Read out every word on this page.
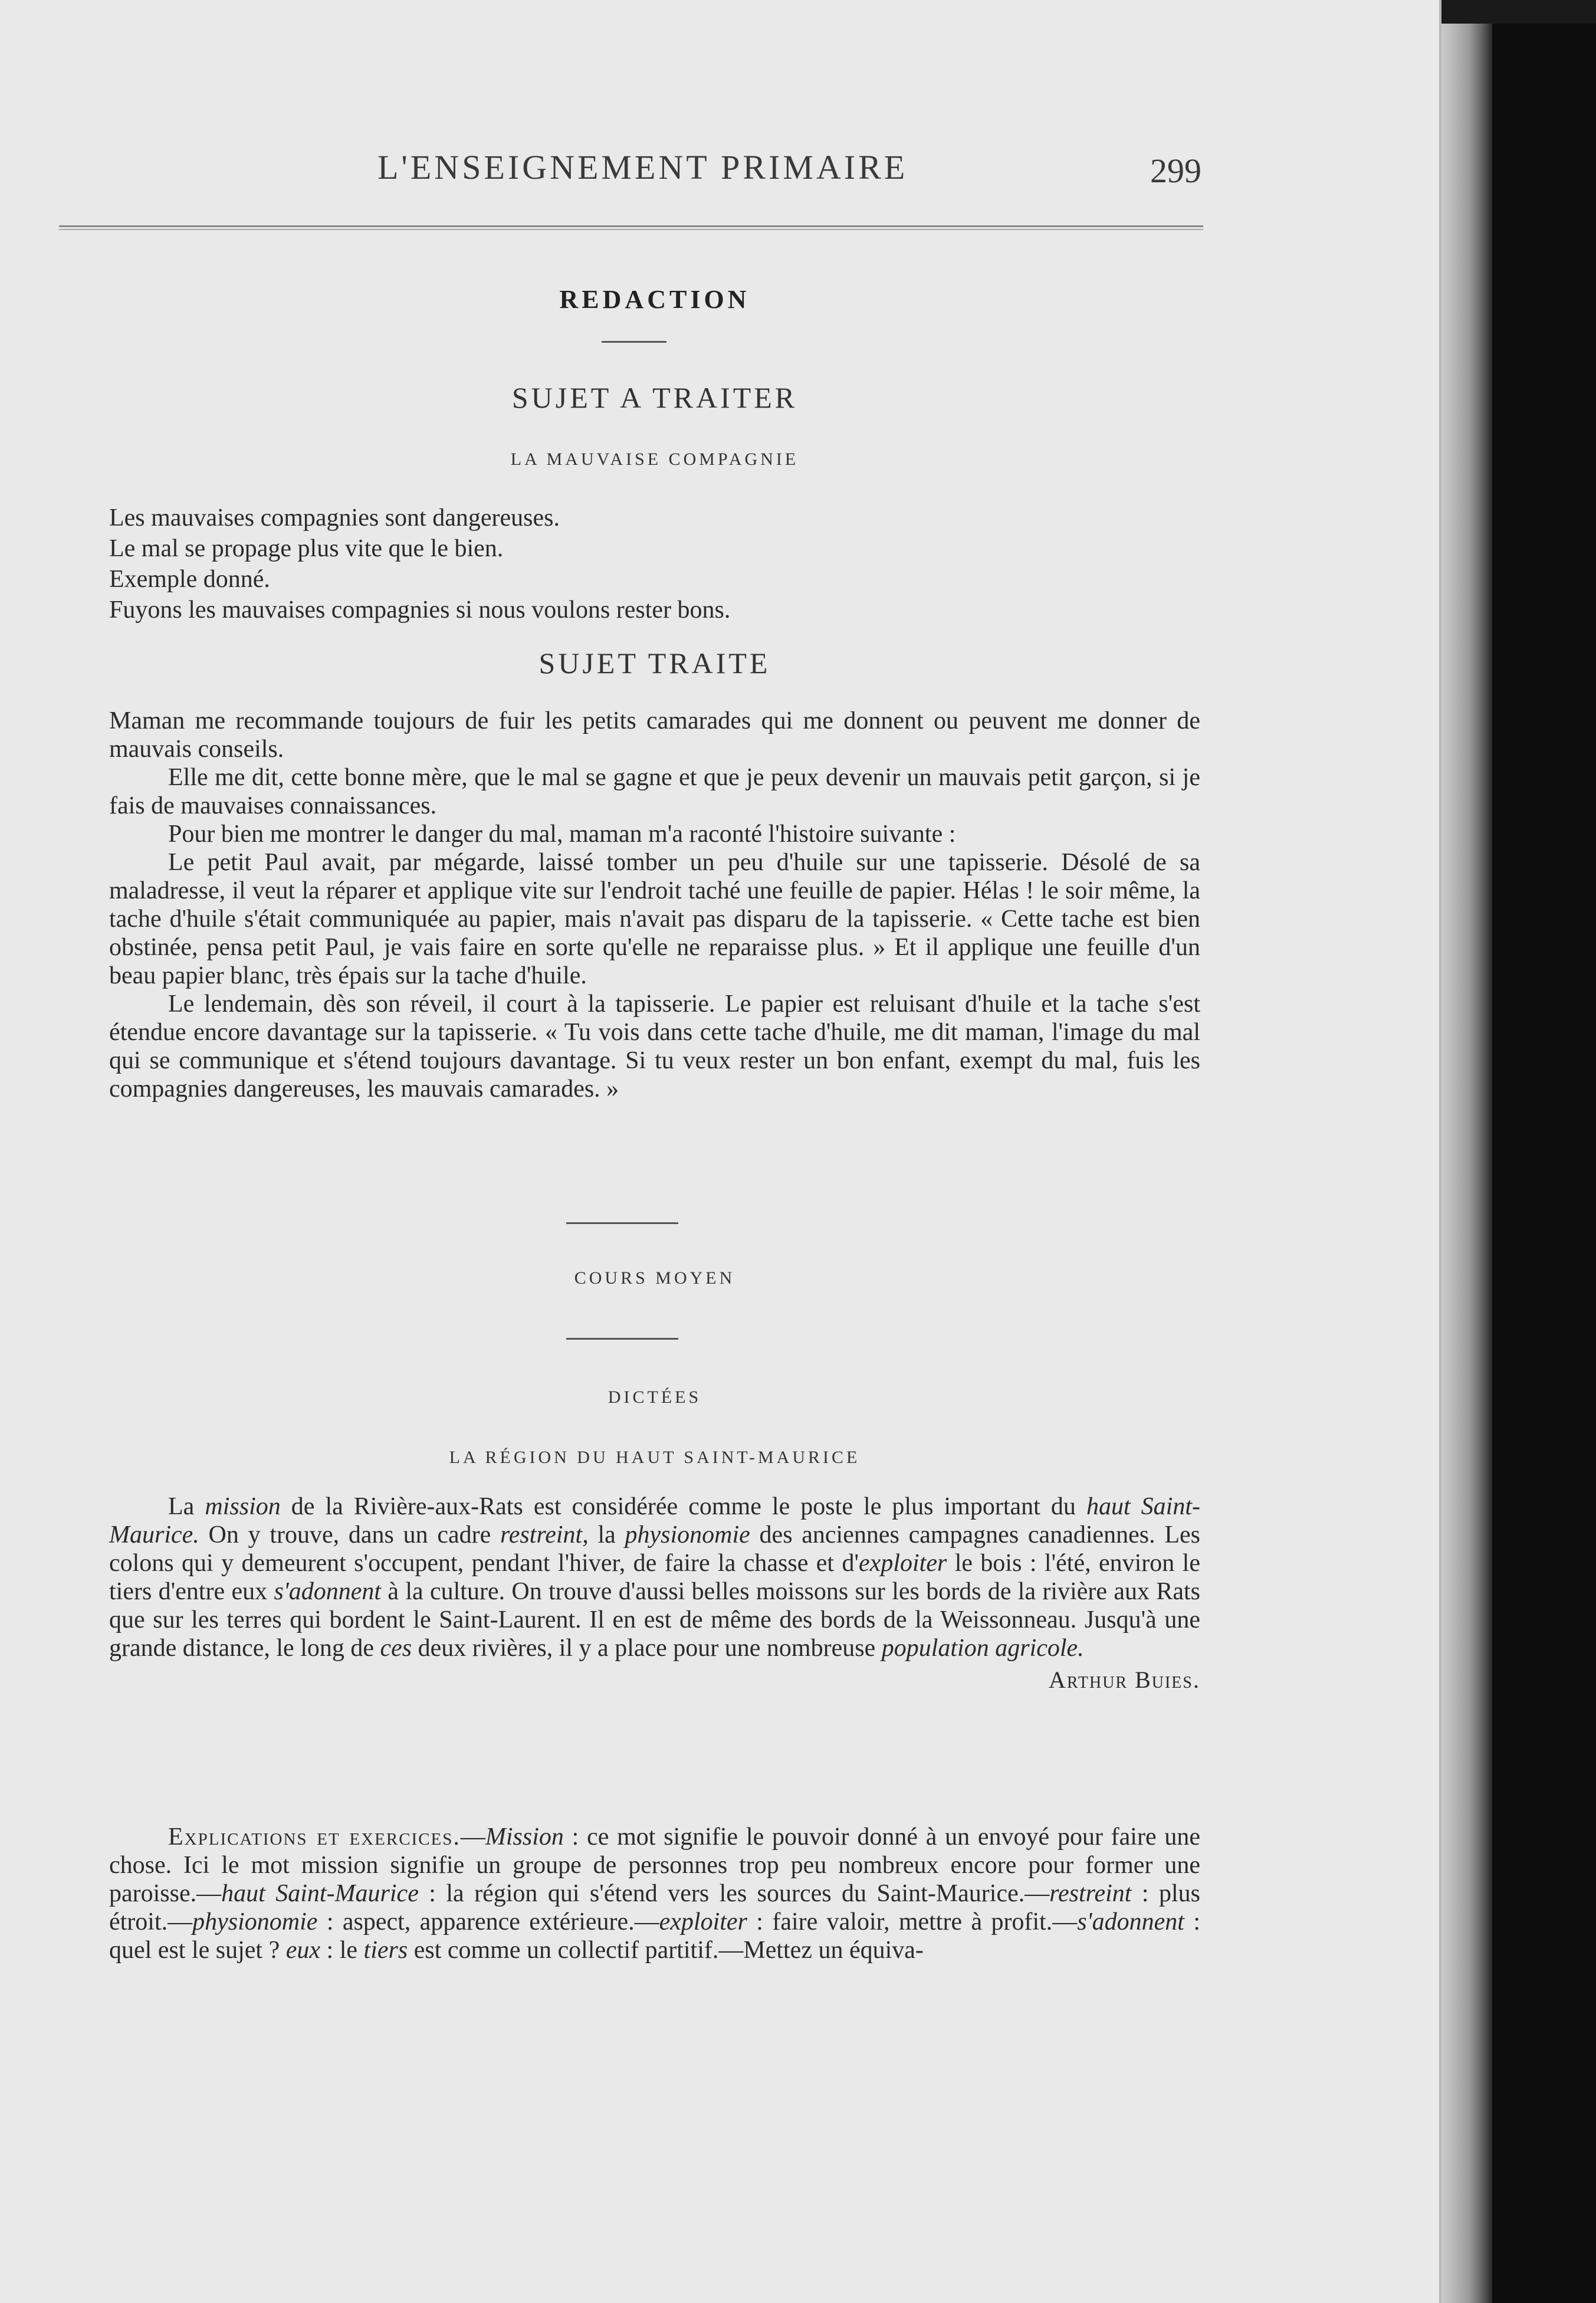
L'ENSEIGNEMENT PRIMAIRE	299
REDACTION
SUJET A TRAITER
LA MAUVAISE COMPAGNIE

Les mauvaises compagnies sont dangereuses.

Le mal se propage plus vite que le bien.

Exemple donné.

Fuyons les mauvaises compagnies si nous voulons rester bons.

SUJET TRAITE

Maman me recommande toujours de fuir les petits camarades qui me donnent ou peuvent me donner de mauvais conseils.

Elle me dit, cette bonne mère, que le mal se gagne et que je peux devenir un mauvais petit garçon, si je fais de mauvaises connaissances.

Pour bien me montrer le danger du mal, maman m'a raconté l'histoire suivante :

Le petit Paul avait, par mégarde, laissé tomber un peu d'huile sur une tapisserie. Désolé de sa maladresse, il veut la réparer et applique vite sur l'endroit taché une feuille de papier. Hélas ! le soir même, la tache d'huile s'était communiquée au papier, mais n'avait pas disparu de la tapisserie. « Cette tache est bien obstinée, pensa petit Paul, je vais faire en sorte qu'elle ne reparaisse plus. » Et il applique une feuille d'un beau papier blanc, très épais sur la tache d'huile.

Le lendemain, dès son réveil, il court à la tapisserie. Le papier est reluisant d'huile et la tache s'est étendue encore davantage sur la tapisserie. « Tu vois dans cette tache d'huile, me dit maman, l'image du mal qui se communique et s'étend toujours davantage. Si tu veux rester un bon enfant, exempt du mal, fuis les compagnies dangereuses, les mauvais camarades. »

COURS MOYEN
DICTÉES
LA RÉGION DU HAUT SAINT-MAURICE

La mission de la Rivière-aux-Rats est considérée comme le poste le plus important du haut Saint-Maurice. On y trouve, dans un cadre restreint, la physionomie des anciennes campagnes canadiennes. Les colons qui y demeurent s'occupent, pendant l'hiver, de faire la chasse et d'exploiter le bois : l'été, environ le tiers d'entre eux s'adonnent à la culture. On trouve d'aussi belles moissons sur les bords de la rivière aux Rats que sur les terres qui bordent le Saint-Laurent. Il en est de même des bords de la Weissonneau. Jusqu'à une grande distance, le long de ces deux rivières, il y a place pour une nombreuse population agricole.

Arthur Buies.

Explications et exercices.—Mission : ce mot signifie le pouvoir donné à un envoyé pour faire une chose. Ici le mot mission signifie un groupe de personnes trop peu nombreux encore pour former une paroisse.—haut Saint-Maurice : la région qui s'étend vers les sources du Saint-Maurice.—restreint : plus étroit.—physionomie : aspect, apparence extérieure.—exploiter : faire valoir, mettre à profit.—s'adonnent : quel est le sujet ? eux : le tiers est comme un collectif partitif.—Mettez un équiva-
